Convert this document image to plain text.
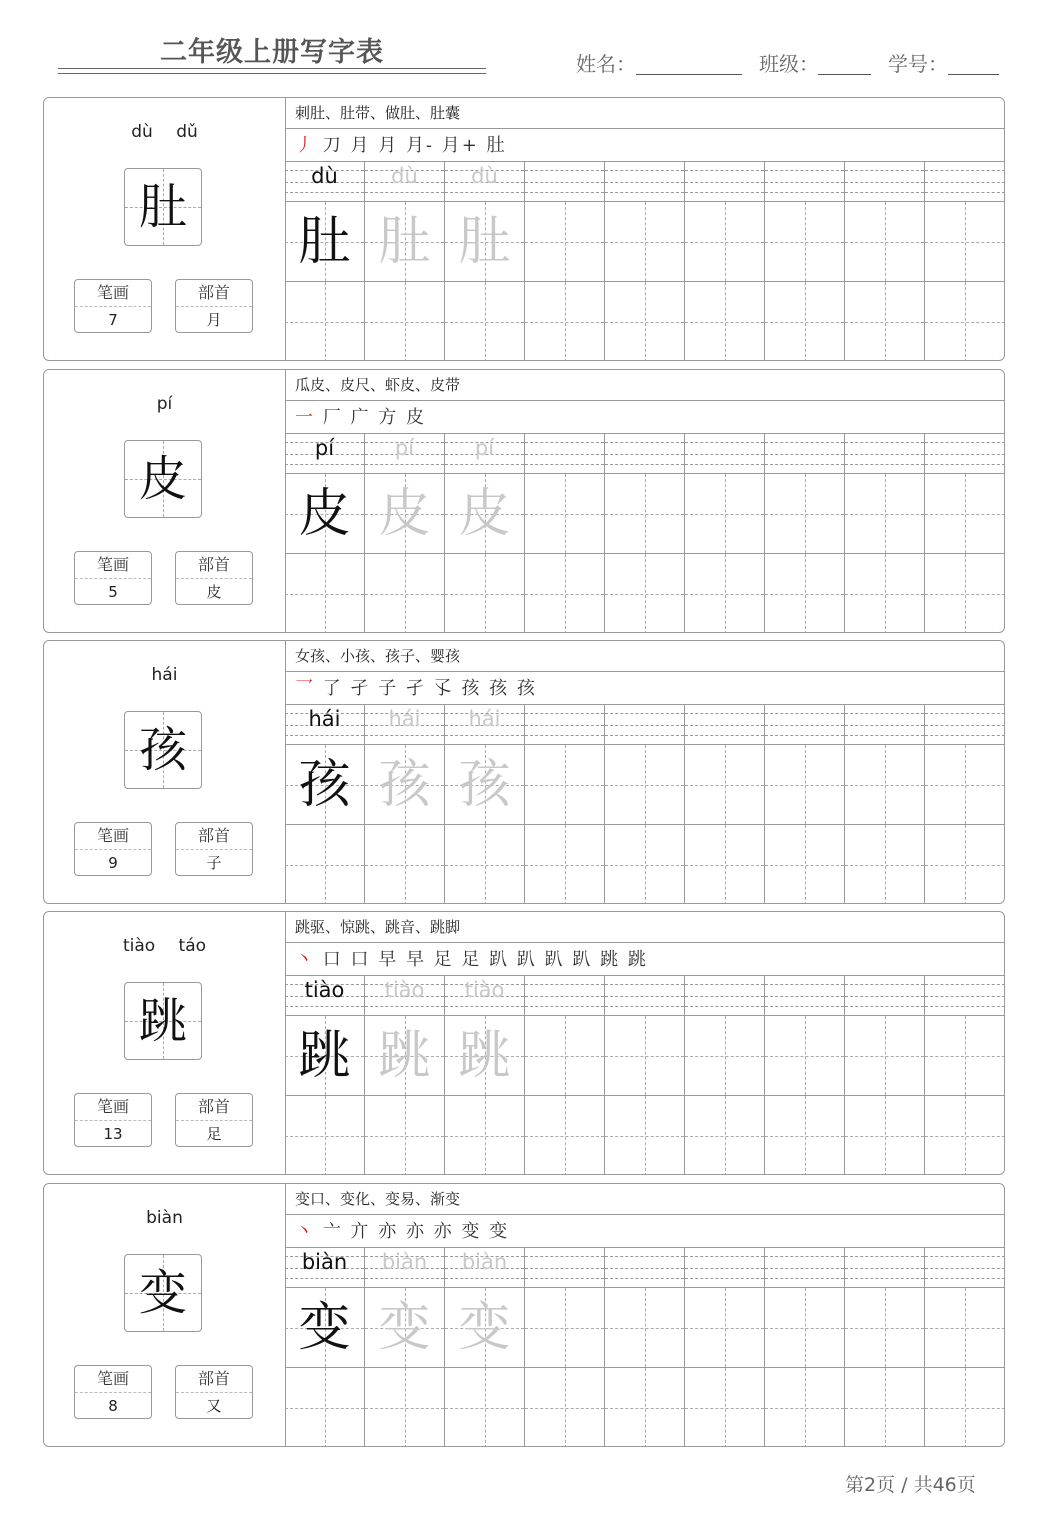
二年级上册写字表	姓名：	班级：	学号：
dù dǔ
肚
笔画
7
部首
月
刺肚、肚带、做肚、肚囊
丿 刀 月 月 月- 月+ 肚
dù
肚
dù
肚
dù
肚
pí
皮
笔画
5
部首
皮
瓜皮、皮尺、虾皮、皮带
一 厂 广 方 皮
pí
皮
pí
皮
pí
皮
hái
孩
笔画
9
部首
子
女孩、小孩、孩子、婴孩
乛 了 孑 子 孑 孓 孩 孩 孩
hái
孩
hái
孩
hái
孩
tiào táo
跳
笔画
13
部首
足
跳驱、惊跳、跳音、跳脚
丶 口 口 早 早 足 足 趴 趴 趴 趴 跳 跳
tiào
跳
tiào
跳
tiào
跳
biàn
变
笔画
8
部首
又
变口、变化、变易、渐变
丶 亠 亣 亦 亦 亦 变 变
biàn
变
biàn
变
biàn
变
第2页 / 共46页
